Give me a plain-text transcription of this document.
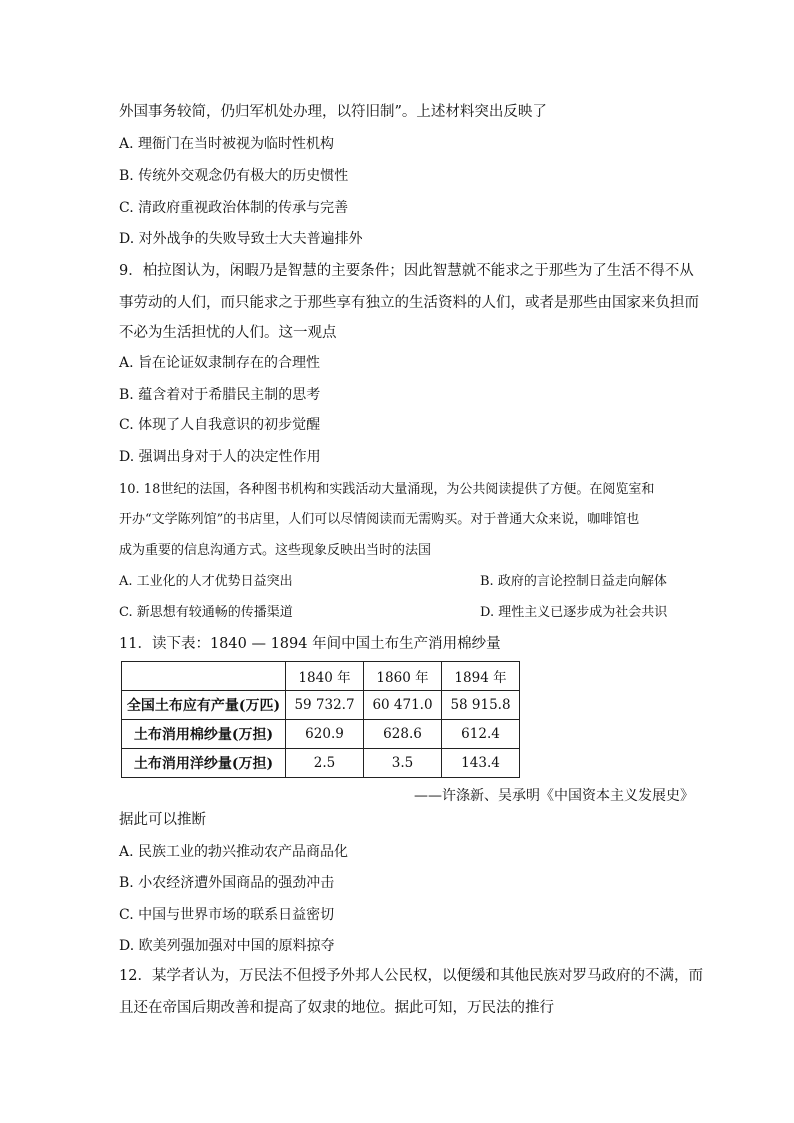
外国事务较简，仍归军机处办理，以符旧制”。上述材料突出反映了
A. 理衙门在当时被视为临时性机构
B. 传统外交观念仍有极大的历史惯性
C. 清政府重视政治体制的传承与完善
D. 对外战争的失败导致士大夫普遍排外
9．柏拉图认为，闲暇乃是智慧的主要条件；因此智慧就不能求之于那些为了生活不得不从
事劳动的人们，而只能求之于那些享有独立的生活资料的人们，或者是那些由国家来负担而
不必为生活担忧的人们。这一观点
A. 旨在论证奴隶制存在的合理性
B. 蕴含着对于希腊民主制的思考
C. 体现了人自我意识的初步觉醒
D. 强调出身对于人的决定性作用
10. 18世纪的法国，各种图书机构和实践活动大量涌现，为公共阅读提供了方便。在阅览室和
开办“文学陈列馆”的书店里，人们可以尽情阅读而无需购买。对于普通大众来说，咖啡馆也
成为重要的信息沟通方式。这些现象反映出当时的法国
A. 工业化的人才优势日益突出	B. 政府的言论控制日益走向解体
C. 新思想有较通畅的传播渠道	D. 理性主义已逐步成为社会共识
11．读下表：1840 — 1894 年间中国土布生产消用棉纱量
	1840 年	1860 年	1894 年
全国土布应有产量(万匹)	59 732.7	60 471.0	58 915.8
土布消用棉纱量(万担)	620.9	628.6	612.4
土布消用洋纱量(万担)	2.5	3.5	143.4
——许涤新、吴承明《中国资本主义发展史》
据此可以推断
A. 民族工业的勃兴推动农产品商品化
B. 小农经济遭外国商品的强劲冲击
C. 中国与世界市场的联系日益密切
D. 欧美列强加强对中国的原料掠夺
12．某学者认为，万民法不但授予外邦人公民权，以便缓和其他民族对罗马政府的不满，而
且还在帝国后期改善和提高了奴隶的地位。据此可知，万民法的推行
